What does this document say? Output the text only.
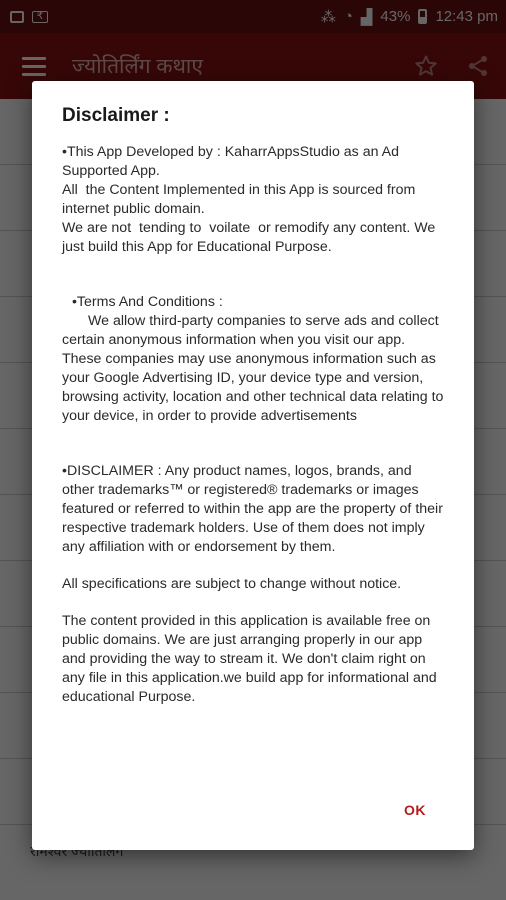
Disclaimer :

•This App Developed by : KaharrAppsStudio as an Ad Supported App.
All  the Content Implemented in this App is sourced from internet public domain.
We are not  tending to  voilate  or remodify any content. We just build this App for Educational Purpose.

•Terms And Conditions :

We allow third-party companies to serve ads and collect certain anonymous information when you visit our app. These companies may use anonymous information such as your Google Advertising ID, your device type and version, browsing activity, location and other technical data relating to your device, in order to provide advertisements

•DISCLAIMER : Any product names, logos, brands, and other trademarks™ or registered® trademarks or images featured or referred to within the app are the property of their respective trademark holders. Use of them does not imply any affiliation with or endorsement by them.

All specifications are subject to change without notice.

The content provided in this application is available free on public domains. We are just arranging properly in our app and providing the way to stream it. We don't claim right on any file in this application.we build app for informational and educational Purpose.

OK
